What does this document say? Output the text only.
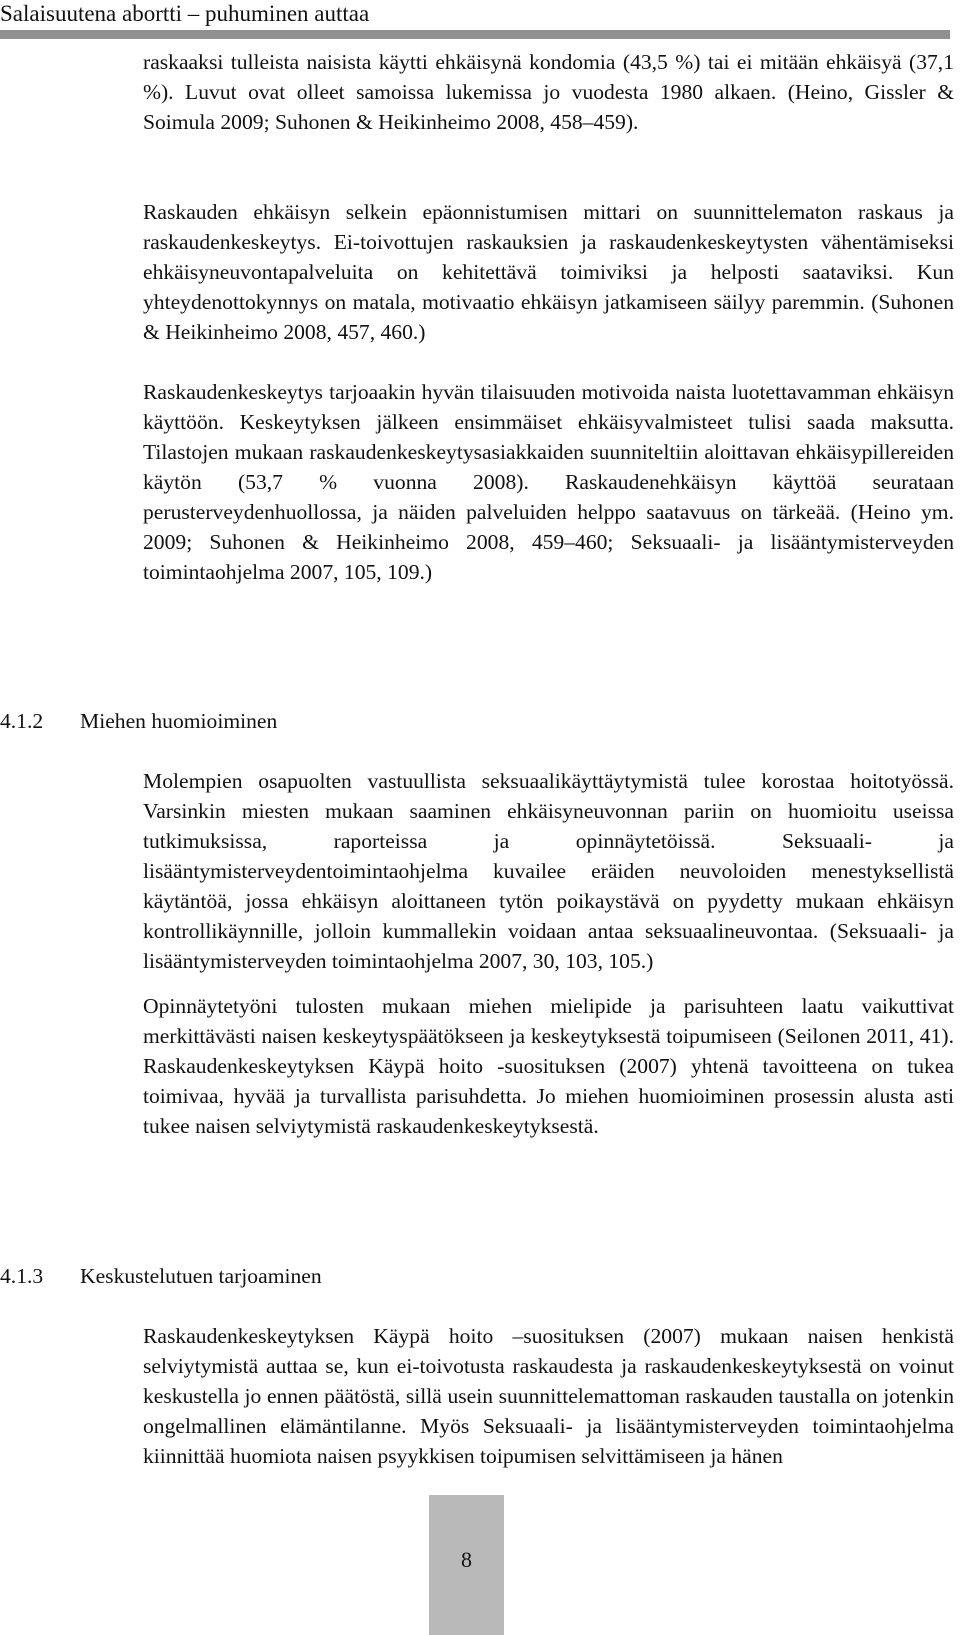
Salaisuutena abortti – puhuminen auttaa

raskaaksi tulleista naisista käytti ehkäisynä kondomia (43,5 %) tai ei mitään ehkäisyä (37,1 %). Luvut ovat olleet samoissa lukemissa jo vuodesta 1980 alkaen. (Heino, Gissler & Soimula 2009; Suhonen & Heikinheimo 2008, 458–459).

Raskauden ehkäisyn selkein epäonnistumisen mittari on suunnittelematon raskaus ja raskaudenkeskeytys. Ei-toivottujen raskauksien ja raskaudenkeskeytysten vähentämiseksi ehkäisyneuvontapalveluita on kehitettävä toimiviksi ja helposti saataviksi. Kun yhteydenottokynnys on matala, motivaatio ehkäisyn jatkamiseen säilyy paremmin. (Suhonen & Heikinheimo 2008, 457, 460.)

Raskaudenkeskeytys tarjoaakin hyvän tilaisuuden motivoida naista luotettavamman ehkäisyn käyttöön. Keskeytyksen jälkeen ensimmäiset ehkäisyvalmisteet tulisi saada maksutta. Tilastojen mukaan raskaudenkeskeytysasiakkaiden suunniteltiin aloittavan ehkäisypillereiden käytön (53,7 % vuonna 2008). Raskaudenehkäisyn käyttöä seurataan perusterveydenhuollossa, ja näiden palveluiden helppo saatavuus on tärkeää. (Heino ym. 2009; Suhonen & Heikinheimo 2008, 459–460; Seksuaali- ja lisääntymisterveyden toimintaohjelma 2007, 105, 109.)

4.1.2 Miehen huomioiminen

Molempien osapuolten vastuullista seksuaalikäyttäytymistä tulee korostaa hoitotyössä. Varsinkin miesten mukaan saaminen ehkäisyneuvonnan pariin on huomioitu useissa tutkimuksissa, raporteissa ja opinnäytetöissä. Seksuaali- ja lisääntymisterveydentoimintaohjelma kuvailee eräiden neuvoloiden menestyksellistä käytäntöä, jossa ehkäisyn aloittaneen tytön poikaystävä on pyydetty mukaan ehkäisyn kontrollikäynnille, jolloin kummallekin voidaan antaa seksuaalineuvontaa. (Seksuaali- ja lisääntymisterveyden toimintaohjelma 2007, 30, 103, 105.)

Opinnäytetyöni tulosten mukaan miehen mielipide ja parisuhteen laatu vaikuttivat merkittävästi naisen keskeytyspäätökseen ja keskeytyksestä toipumiseen (Seilonen 2011, 41). Raskaudenkeskeytyksen Käypä hoito -suosituksen (2007) yhtenä tavoitteena on tukea toimivaa, hyvää ja turvallista parisuhdetta. Jo miehen huomioiminen prosessin alusta asti tukee naisen selviytymistä raskaudenkeskeytyksestä.

4.1.3 Keskustelutuen tarjoaminen

Raskaudenkeskeytyksen Käypä hoito –suosituksen (2007) mukaan naisen henkistä selviytymistä auttaa se, kun ei-toivotusta raskaudesta ja raskaudenkeskeytyksestä on voinut keskustella jo ennen päätöstä, sillä usein suunnittelemattoman raskauden taustalla on jotenkin ongelmallinen elämäntilanne. Myös Seksuaali- ja lisääntymisterveyden toimintaohjelma kiinnittää huomiota naisen psyykkisen toipumisen selvittämiseen ja hänen

8
